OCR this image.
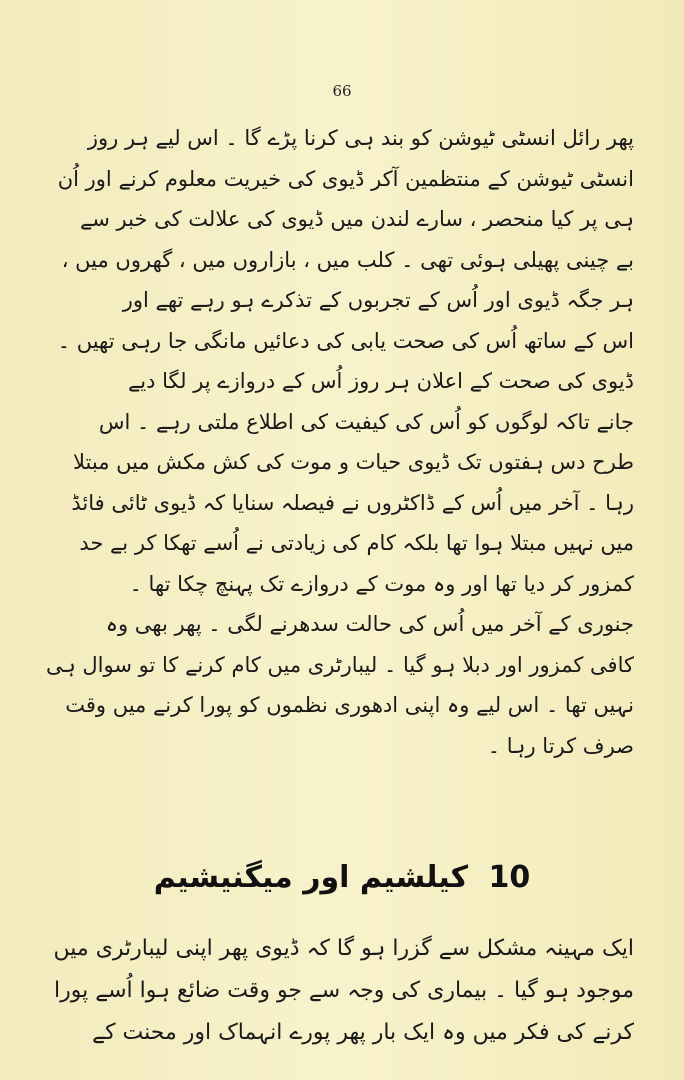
66
پھر رائل انسٹی ٹیوشن کو بند ہی کرنا پڑے گا ۔ اس لیے ہر روز
انسٹی ٹیوشن کے منتظمین آکر ڈیوی کی خیریت معلوم کرنے اور اُن
ہی پر کیا منحصر ، سارے لندن میں ڈیوی کی علالت کی خبر سے
بے چینی پھیلی ہوئی تھی ۔ کلب میں ، بازاروں میں ، گھروں میں ،
ہر جگہ ڈیوی اور اُس کے تجربوں کے تذکرے ہو رہے تھے اور
اس کے ساتھ اُس کی صحت یابی کی دعائیں مانگی جا رہی تھیں ۔
ڈیوی کی صحت کے اعلان ہر روز اُس کے دروازے پر لگا دیے
جانے تاکہ لوگوں کو اُس کی کیفیت کی اطلاع ملتی رہے ۔ اس
طرح دس ہفتوں تک ڈیوی حیات و موت کی کش مکش میں مبتلا
رہا ۔ آخر میں اُس کے ڈاکٹروں نے فیصلہ سنایا کہ ڈیوی ٹائی فائڈ
میں نہیں مبتلا ہوا تھا بلکہ کام کی زیادتی نے اُسے تھکا کر بے حد
کمزور کر دیا تھا اور وہ موت کے دروازے تک پہنچ چکا تھا ۔
جنوری کے آخر میں اُس کی حالت سدھرنے لگی ۔ پھر بھی وہ
کافی کمزور اور دبلا ہو گیا ۔ لیبارٹری میں کام کرنے کا تو سوال ہی
نہیں تھا ۔ اس لیے وہ اپنی ادھوری نظموں کو پورا کرنے میں وقت
صرف کرتا رہا ۔
10 کیلشیم اور میگنیشیم
ایک مہینہ مشکل سے گزرا ہو گا کہ ڈیوی پھر اپنی لیبارٹری میں
موجود ہو گیا ۔ بیماری کی وجہ سے جو وقت ضائع ہوا اُسے پورا
کرنے کی فکر میں وہ ایک بار پھر پورے انہماک اور محنت کے
